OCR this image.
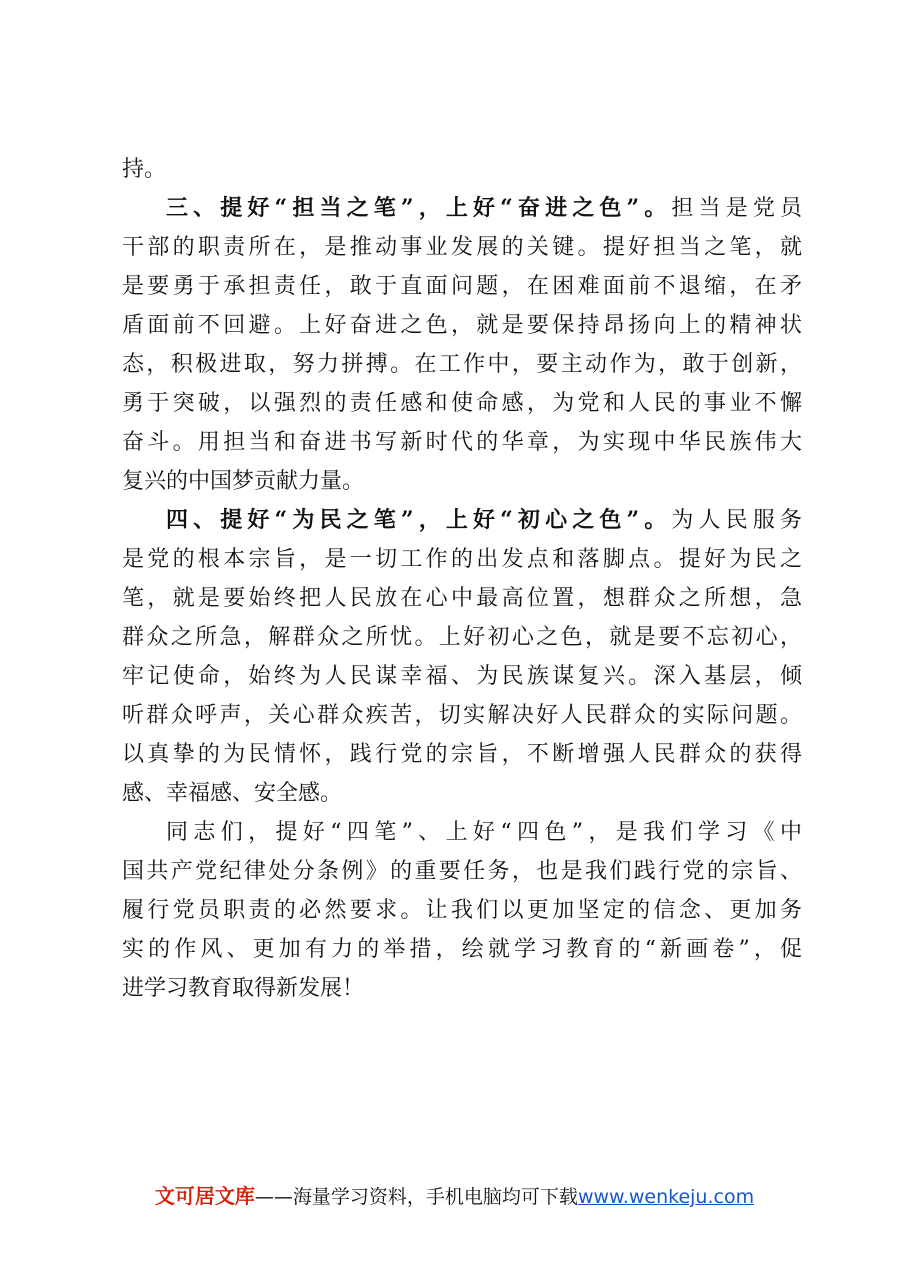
持。
三、提好“担当之笔”，上好“奋进之色”。担当是党员
干部的职责所在，是推动事业发展的关键。提好担当之笔，就
是要勇于承担责任，敢于直面问题，在困难面前不退缩，在矛
盾面前不回避。上好奋进之色，就是要保持昂扬向上的精神状
态，积极进取，努力拼搏。在工作中，要主动作为，敢于创新，
勇于突破，以强烈的责任感和使命感，为党和人民的事业不懈
奋斗。用担当和奋进书写新时代的华章，为实现中华民族伟大
复兴的中国梦贡献力量。
四、提好“为民之笔”，上好“初心之色”。为人民服务
是党的根本宗旨，是一切工作的出发点和落脚点。提好为民之
笔，就是要始终把人民放在心中最高位置，想群众之所想，急
群众之所急，解群众之所忧。上好初心之色，就是要不忘初心，
牢记使命，始终为人民谋幸福、为民族谋复兴。深入基层，倾
听群众呼声，关心群众疾苦，切实解决好人民群众的实际问题。
以真挚的为民情怀，践行党的宗旨，不断增强人民群众的获得
感、幸福感、安全感。
同志们，提好“四笔”、上好“四色”，是我们学习《中
国共产党纪律处分条例》的重要任务，也是我们践行党的宗旨、
履行党员职责的必然要求。让我们以更加坚定的信念、更加务
实的作风、更加有力的举措，绘就学习教育的“新画卷”，促
进学习教育取得新发展！
文可居文库——海量学习资料，手机电脑均可下载www.wenkeju.com
